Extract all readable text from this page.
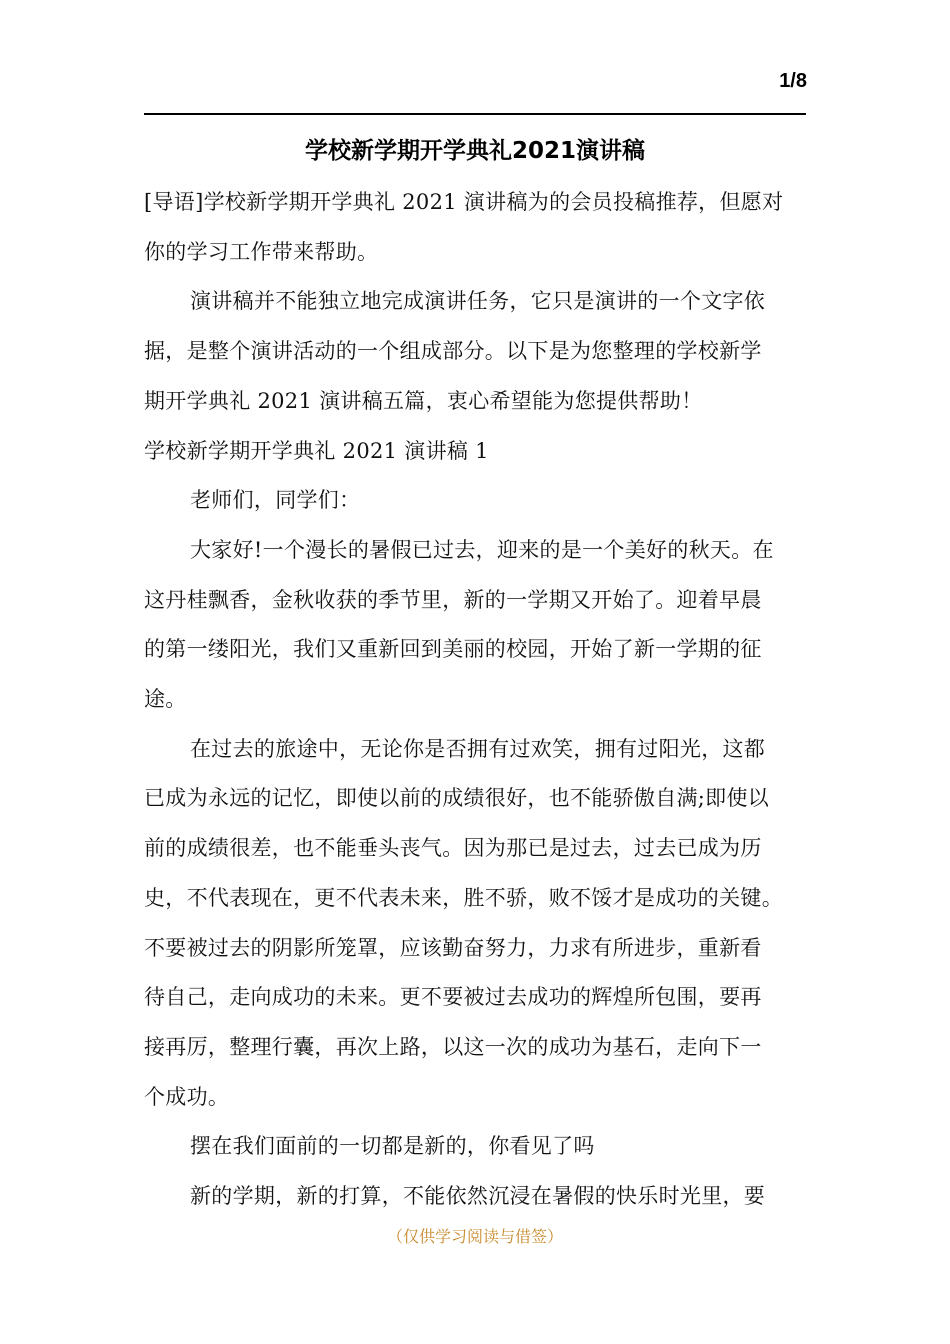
1/8
学校新学期开学典礼2021演讲稿

[导语]学校新学期开学典礼 2021 演讲稿为的会员投稿推荐，但愿对
你的学习工作带来帮助。

演讲稿并不能独立地完成演讲任务，它只是演讲的一个文字依

据，是整个演讲活动的一个组成部分。以下是为您整理的学校新学
期开学典礼 2021 演讲稿五篇，衷心希望能为您提供帮助！

学校新学期开学典礼 2021 演讲稿 1

老师们，同学们：

大家好!一个漫长的暑假已过去，迎来的是一个美好的秋天。在

这丹桂飘香，金秋收获的季节里，新的一学期又开始了。迎着早晨
的第一缕阳光，我们又重新回到美丽的校园，开始了新一学期的征
途。

在过去的旅途中，无论你是否拥有过欢笑，拥有过阳光，这都

已成为永远的记忆，即使以前的成绩很好，也不能骄傲自满;即使以
前的成绩很差，也不能垂头丧气。因为那已是过去，过去已成为历
史，不代表现在，更不代表未来，胜不骄，败不馁才是成功的关键。
不要被过去的阴影所笼罩，应该勤奋努力，力求有所进步，重新看
待自己，走向成功的未来。更不要被过去成功的辉煌所包围，要再
接再厉，整理行囊，再次上路，以这一次的成功为基石，走向下一
个成功。

摆在我们面前的一切都是新的，你看见了吗

新的学期，新的打算，不能依然沉浸在暑假的快乐时光里，要

（仅供学习阅读与借签）
